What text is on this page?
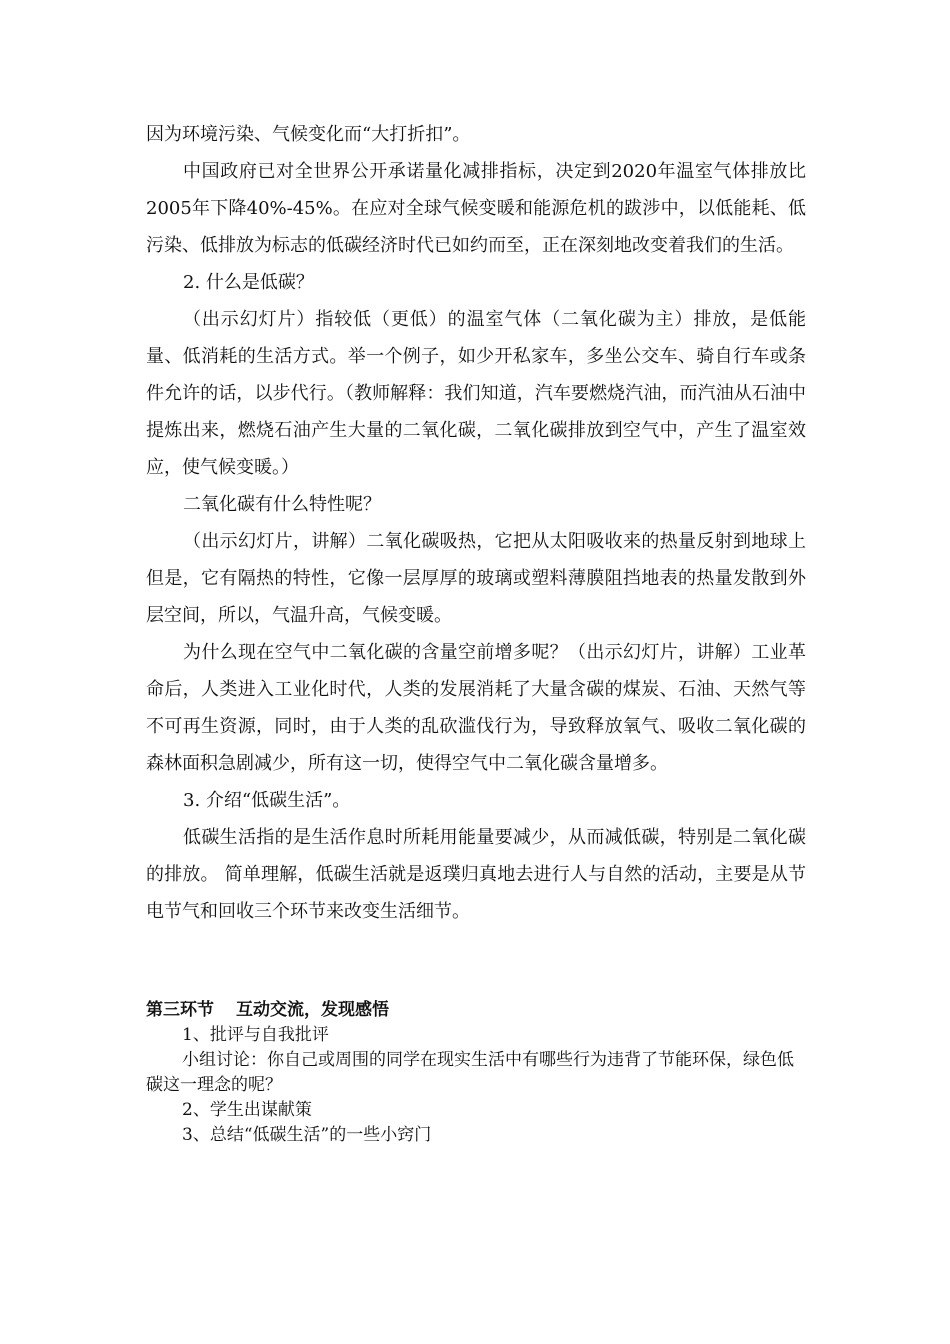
因为环境污染、气候变化而“大打折扣”。

中国政府已对全世界公开承诺量化减排指标，决定到2020年温室气体排放比2005年下降40%-45%。在应对全球气候变暖和能源危机的跋涉中，以低能耗、低污染、低排放为标志的低碳经济时代已如约而至，正在深刻地改变着我们的生活。

2. 什么是低碳？

（出示幻灯片）指较低（更低）的温室气体（二氧化碳为主）排放，是低能量、低消耗的生活方式。举一个例子，如少开私家车，多坐公交车、骑自行车或条件允许的话，以步代行。（教师解释：我们知道，汽车要燃烧汽油，而汽油从石油中提炼出来，燃烧石油产生大量的二氧化碳，二氧化碳排放到空气中，产生了温室效应，使气候变暖。）

二氧化碳有什么特性呢？

（出示幻灯片，讲解）二氧化碳吸热，它把从太阳吸收来的热量反射到地球上但是，它有隔热的特性，它像一层厚厚的玻璃或塑料薄膜阻挡地表的热量发散到外层空间，所以，气温升高，气候变暖。

为什么现在空气中二氧化碳的含量空前增多呢？（出示幻灯片，讲解）工业革命后，人类进入工业化时代，人类的发展消耗了大量含碳的煤炭、石油、天然气等不可再生资源，同时，由于人类的乱砍滥伐行为，导致释放氧气、吸收二氧化碳的森林面积急剧减少，所有这一切，使得空气中二氧化碳含量增多。

3. 介绍“低碳生活”。

低碳生活指的是生活作息时所耗用能量要减少，从而减低碳，特别是二氧化碳的排放。 简单理解，低碳生活就是返璞归真地去进行人与自然的活动，主要是从节电节气和回收三个环节来改变生活细节。

第三环节 互动交流，发现感悟

1、批评与自我批评

小组讨论：你自己或周围的同学在现实生活中有哪些行为违背了节能环保，绿色低碳这一理念的呢？

2、学生出谋献策

3、总结“低碳生活”的一些小窍门
